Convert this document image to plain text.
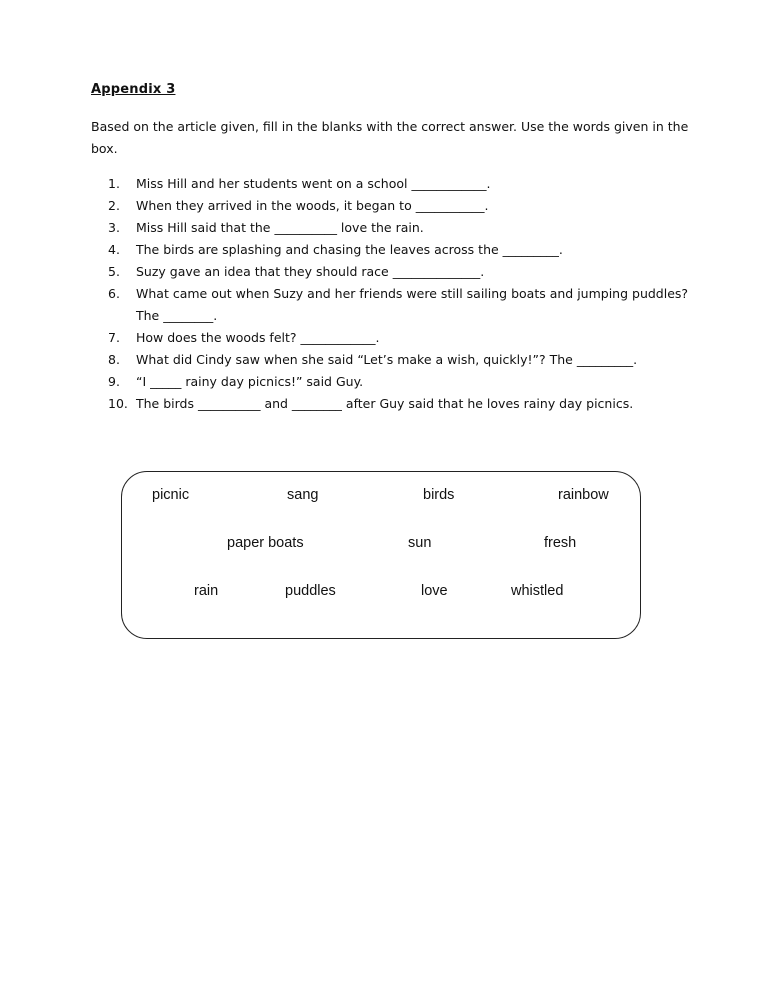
Appendix 3
Based on the article given, fill in the blanks with the correct answer. Use the words given in the box.
1. Miss Hill and her students went on a school ____________.
2. When they arrived in the woods, it began to ___________.
3. Miss Hill said that the __________ love the rain.
4. The birds are splashing and chasing the leaves across the _________.
5. Suzy gave an idea that they should race ______________.
6. What came out when Suzy and her friends were still sailing boats and jumping puddles? The ________.
7. How does the woods felt? ____________.
8. What did Cindy saw when she said “Let’s make a wish, quickly!”? The _________.
9. “I _____ rainy day picnics!” said Guy.
10. The birds __________ and ________ after Guy said that he loves rainy day picnics.
picnic	sang	birds	rainbow
paper boats	sun	fresh
rain	puddles	love	whistled
